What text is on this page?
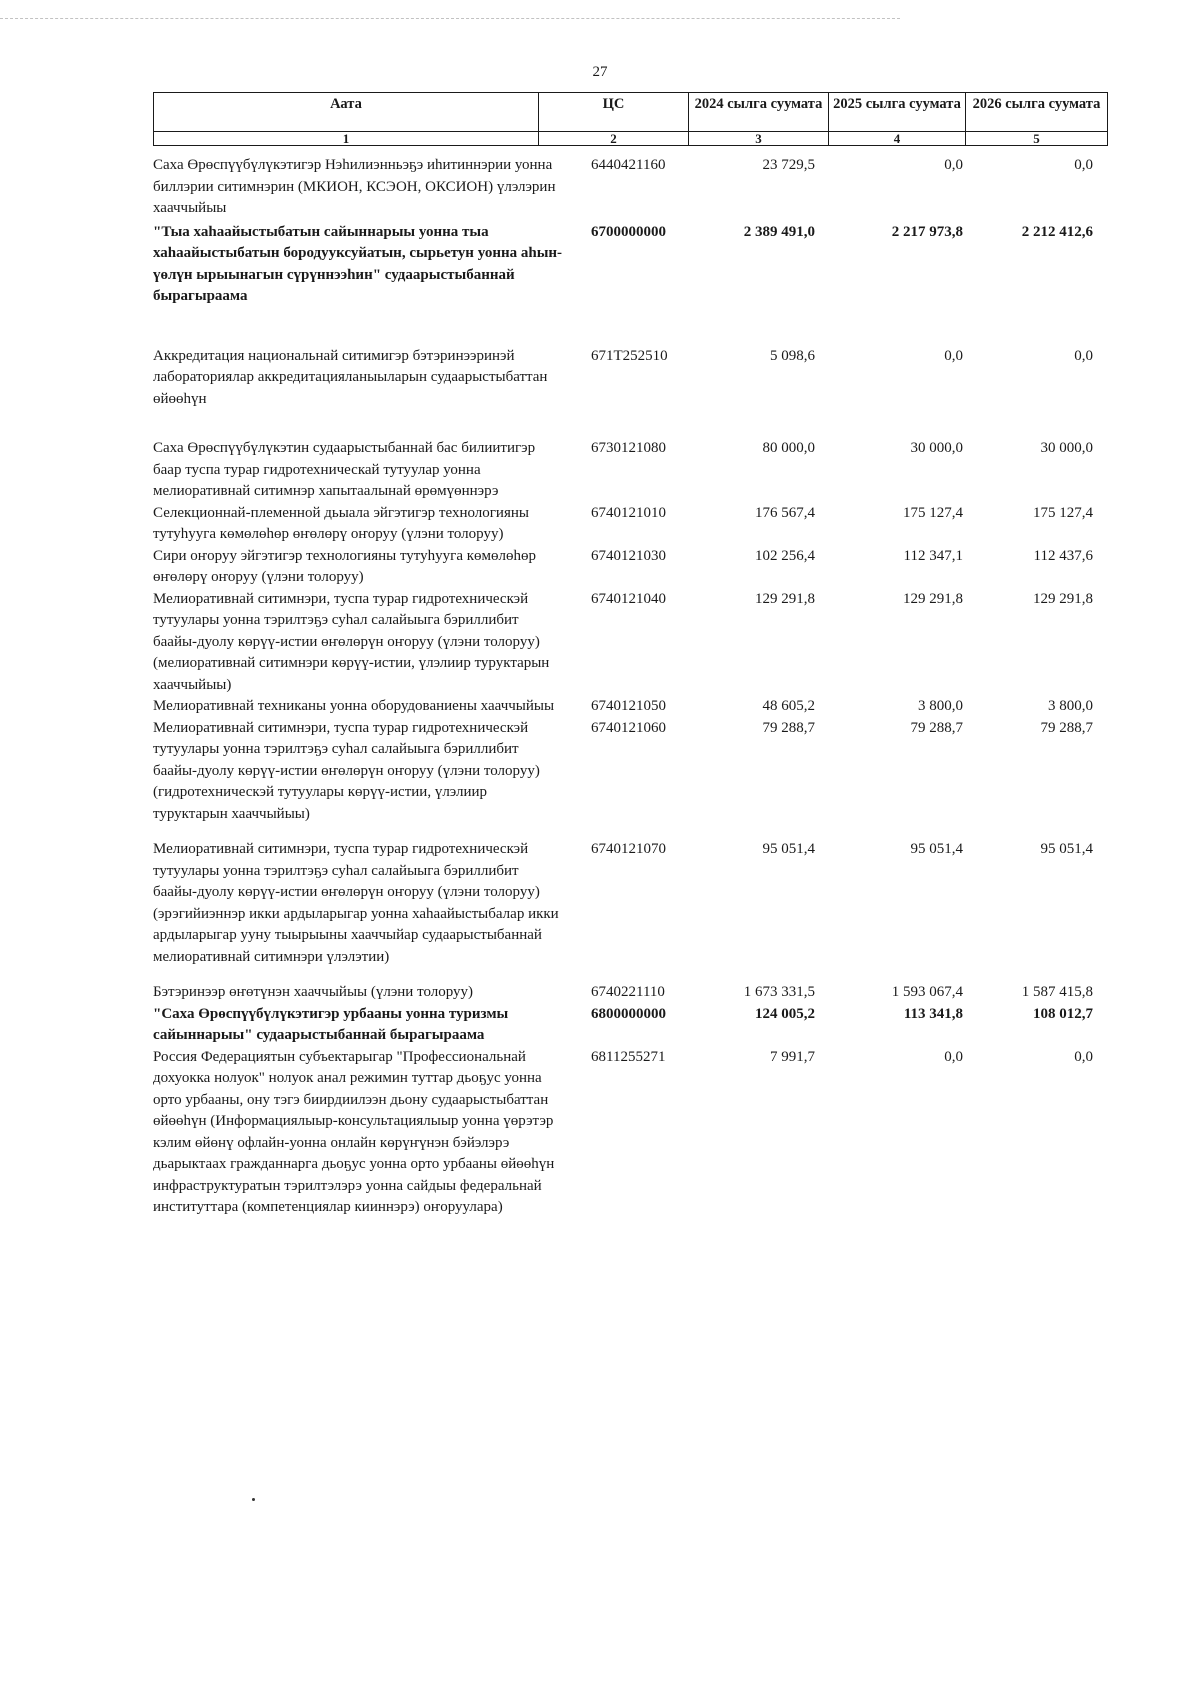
27
Аата	ЦС	2024 сылга суумата	2025 сылга суумата	2026 сылга суумата
1	2	3	4	5
Саха Өрөспүүбүлүкэтигэр Нэһилиэнньэҕэ иһитиннэрии уонна биллэрии ситимнэрин (МКИОН, КСЭОН, ОКСИОН) үлэлэрин хааччыйыы
6440421160	23 729,5	0,0	0,0
"Тыа хаһаайыстыбатын сайыннарыы уонна тыа хаһаайыстыбатын бородууксуйатын, сырьетун уонна аһын-үөлүн ырыынагын сүрүннээһин" судаарыстыбаннай бырагыраама
6700000000	2 389 491,0	2 217 973,8	2 212 412,6
Аккредитация национальнай ситимигэр бэтэринээринэй лабораториялар аккредитацияланыыларын судаарыстыбаттан өйөөһүн
671T252510	5 098,6	0,0	0,0
Саха Өрөспүүбүлүкэтин судаарыстыбаннай бас билиитигэр баар туспа турар гидротехническай тутуулар уонна мелиоративнай ситимнэр хапытаалынай өрөмүөннэрэ
6730121080	80 000,0	30 000,0	30 000,0
Селекционнай-племенной дьыала эйгэтигэр технологияны тутуһууга көмөлөһөр өҥөлөрү оҥоруу (үлэни толоруу)
6740121010	176 567,4	175 127,4	175 127,4
Сири оҥоруу эйгэтигэр технологияны тутуһууга көмөлөһөр өҥөлөрү оҥоруу (үлэни толоруу)
6740121030	102 256,4	112 347,1	112 437,6
Мелиоративнай ситимнэри, туспа турар гидротехническэй тутуулары уонна тэрилтэҕэ суһал салайыыга бэриллибит баайы-дуолу көрүү-истии өҥөлөрүн оҥоруу (үлэни толоруу) (мелиоративнай ситимнэри көрүү-истии, үлэлиир туруктарын хааччыйыы)
6740121040	129 291,8	129 291,8	129 291,8
Мелиоративнай техниканы уонна оборудованиены хааччыйыы	6740121050	48 605,2	3 800,0	3 800,0
Мелиоративнай ситимнэри, туспа турар гидротехническэй тутуулары уонна тэрилтэҕэ суһал салайыыга бэриллибит баайы-дуолу көрүү-истии өҥөлөрүн оҥоруу (үлэни толоруу) (гидротехническэй тутуулары көрүү-истии, үлэлиир туруктарын хааччыйыы)
6740121060	79 288,7	79 288,7	79 288,7
Мелиоративнай ситимнэри, туспа турар гидротехническэй тутуулары уонна тэрилтэҕэ суһал салайыыга бэриллибит баайы-дуолу көрүү-истии өҥөлөрүн оҥоруу (үлэни толоруу)(эрэгийиэннэр икки ардыларыгар уонна хаһаайыстыбалар икки ардыларыгар ууну тыырыыны хааччыйар судаарыстыбаннай мелиоративнай ситимнэри үлэлэтии)
6740121070	95 051,4	95 051,4	95 051,4
Бэтэринээр өҥөтүнэн хааччыйыы (үлэни толоруу)	6740221110	1 673 331,5	1 593 067,4	1 587 415,8
"Саха Өрөспүүбүлүкэтигэр урбааны уонна туризмы сайыннарыы" судаарыстыбаннай бырагыраама
6800000000	124 005,2	113 341,8	108 012,7
Россия Федерациятын субъектарыгар "Профессиональнай дохуокка нолуок" нолуок анал режимин туттар дьоҕус уонна орто урбааны, ону тэгэ биирдиилээн дьону судаарыстыбаттан өйөөһүн (Информациялыыр-консультациялыыр уонна үөрэтэр кэлим өйөнү офлайн-уонна онлайн көрүҥүнэн бэйэлэрэ дьарыктаах гражданнарга дьоҕус уонна орто урбааны өйөөһүн инфраструктуратын тэрилтэлэрэ уонна сайдыы федеральнай институттара (компетенциялар кииннэрэ) оҥоруулара)
6811255271	7 991,7	0,0	0,0
